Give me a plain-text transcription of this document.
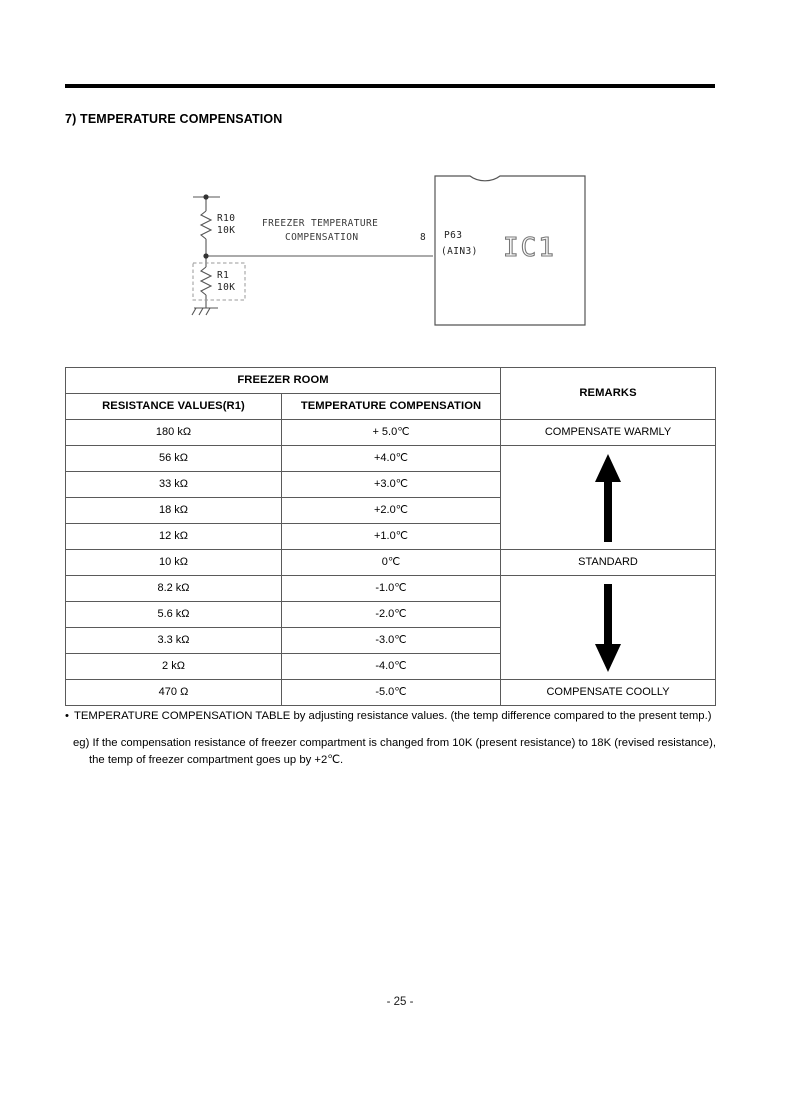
7) TEMPERATURE COMPENSATION
R10
10K
R1
10K
FREEZER TEMPERATURE
COMPENSATION	8 P63
(AIN3) IC1
FREEZER ROOM		REMARKS
RESISTANCE VALUES(R1)	TEMPERATURE COMPENSATION	
180 kΩ	+ 5.0℃	COMPENSATE WARMLY
56 kΩ	+4.0℃	

33 kΩ	+3.0℃	
18 kΩ	+2.0℃	
12 kΩ	+1.0℃	
10 kΩ	0℃	STANDARD
8.2 kΩ	-1.0℃	

5.6 kΩ	-2.0℃	
3.3 kΩ	-3.0℃	
2 kΩ	-4.0℃	
470 Ω	-5.0℃	COMPENSATE COOLLY
• TEMPERATURE COMPENSATION TABLE by adjusting resistance values. (the temp difference compared to the present temp.)
eg) If the compensation resistance of freezer compartment is changed from 10K (present resistance) to 18K (revised resistance), the temp of freezer compartment goes up by +2℃.
- 25 -
